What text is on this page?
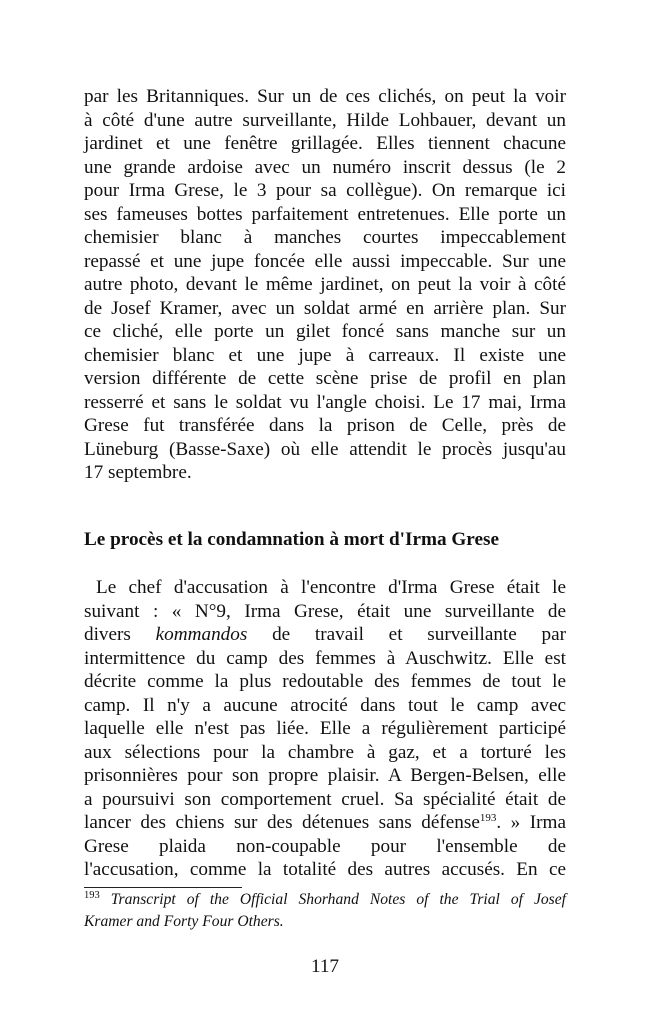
par les Britanniques. Sur un de ces clichés, on peut la voir
à côté d'une autre surveillante, Hilde Lohbauer, devant un
jardinet et une fenêtre grillagée. Elles tiennent chacune
une grande ardoise avec un numéro inscrit dessus (le 2
pour Irma Grese, le 3 pour sa collègue). On remarque ici
ses fameuses bottes parfaitement entretenues. Elle porte un
chemisier blanc à manches courtes impeccablement
repassé et une jupe foncée elle aussi impeccable. Sur une
autre photo, devant le même jardinet, on peut la voir à côté
de Josef Kramer, avec un soldat armé en arrière plan. Sur
ce cliché, elle porte un gilet foncé sans manche sur un
chemisier blanc et une jupe à carreaux. Il existe une
version différente de cette scène prise de profil en plan
resserré et sans le soldat vu l'angle choisi. Le 17 mai, Irma
Grese fut transférée dans la prison de Celle, près de
Lüneburg (Basse-Saxe) où elle attendit le procès jusqu'au
17 septembre.
Le procès et la condamnation à mort d'Irma Grese
Le chef d'accusation à l'encontre d'Irma Grese était le
suivant : « N°9, Irma Grese, était une surveillante de
divers kommandos de travail et surveillante par
intermittence du camp des femmes à Auschwitz. Elle est
décrite comme la plus redoutable des femmes de tout le
camp. Il n'y a aucune atrocité dans tout le camp avec
laquelle elle n'est pas liée. Elle a régulièrement participé
aux sélections pour la chambre à gaz, et a torturé les
prisonnières pour son propre plaisir. A Bergen-Belsen, elle
a poursuivi son comportement cruel. Sa spécialité était de
lancer des chiens sur des détenues sans défense$^{193}$. » Irma
Grese plaida non-coupable pour l'ensemble de
l'accusation, comme la totalité des autres accusés. En ce
$^{193}$ Transcript of the Official Shorhand Notes of the Trial of Josef
Kramer and Forty Four Others.
117
